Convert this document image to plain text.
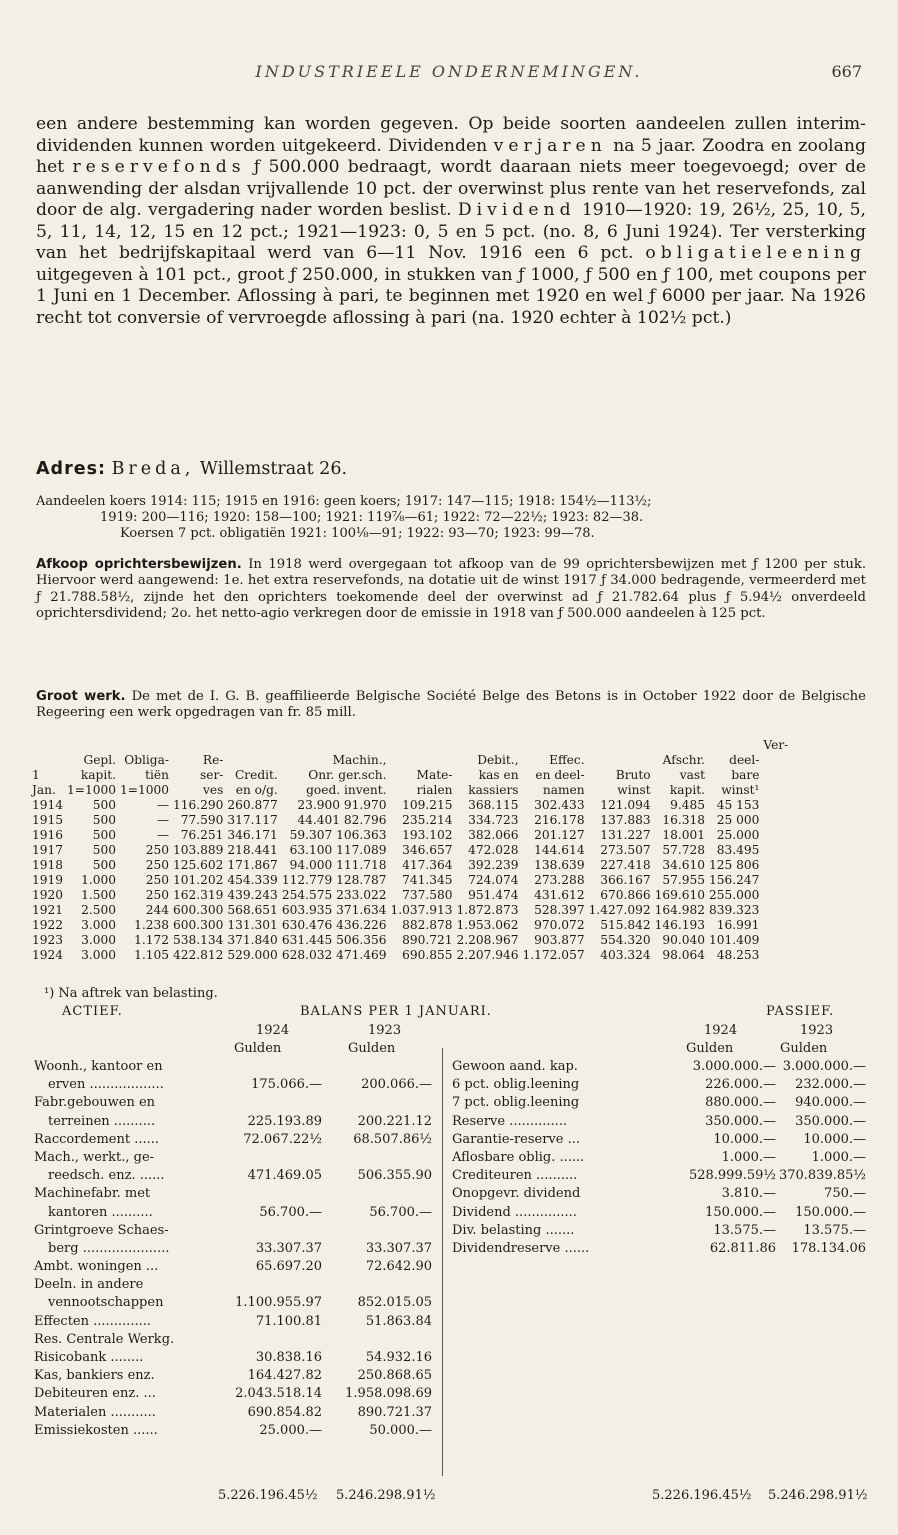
INDUSTRIEELE ONDERNEMINGEN.	667

een andere bestemming kan worden gegeven. Op beide soorten aandeelen zullen interim-dividenden kunnen worden uitgekeerd. Dividenden verjaren na 5 jaar. Zoodra en zoolang het reservefonds ƒ 500.000 bedraagt, wordt daaraan niets meer toegevoegd; over de aanwending der alsdan vrijvallende 10 pct. der overwinst plus rente van het reservefonds, zal door de alg. vergadering nader worden beslist. Dividend 1910—1920: 19, 26½, 25, 10, 5, 5, 11, 14, 12, 15 en 12 pct.; 1921—1923: 0, 5 en 5 pct. (no. 8, 6 Juni 1924). Ter versterking van het bedrijfskapitaal werd van 6—11 Nov. 1916 een 6 pct. obligatieleening uitgegeven à 101 pct., groot ƒ 250.000, in stukken van ƒ 1000, ƒ 500 en ƒ 100, met coupons per 1 Juni en 1 December. Aflossing à pari, te beginnen met 1920 en wel ƒ 6000 per jaar. Na 1926 recht tot conversie of vervroegde aflossing à pari (na. 1920 echter à 102½ pct.)

Adres: Breda, Willemstraat 26.
Aandeelen koers 1914: 115; 1915 en 1916: geen koers; 1917: 147—115; 1918: 154½—113½;
1919: 200—116; 1920: 158—100; 1921: 119⅞—61; 1922: 72—22½; 1923: 82—38.
Koersen 7 pct. obligatiën 1921: 100⅛—91; 1922: 93—70; 1923: 99—78.

Afkoop oprichtersbewijzen. In 1918 werd overgegaan tot afkoop van de 99 oprichtersbewijzen met ƒ 1200 per stuk. Hiervoor werd aangewend: 1e. het extra reservefonds, na dotatie uit de winst 1917 ƒ 34.000 bedragende, vermeerderd met ƒ 21.788.58½, zijnde het den oprichters toekomende deel der overwinst ad ƒ 21.782.64 plus ƒ 5.94½ onverdeeld oprichtersdividend; 2o. het netto-agio verkregen door de emissie in 1918 van ƒ 500.000 aandeelen à 125 pct.

Groot werk. De met de I. G. B. geaffilieerde Belgische Société Belge des Betons is in October 1922 door de Belgische Regeering een werk opgedragen van fr. 85 mill.

												Ver-
	Gepl.	Obliga-	Re-		Machin.,		Debit.,	Effec.		Afschr.	deel-	
1	kapit.	tiën	ser-	Credit.	Onr. ger.sch.	Mate-	kas en	en deel-	Bruto	vast	bare	
Jan.	1=1000	1=1000	ves	en o/g.	goed. invent.	rialen	kassiers	namen	winst	kapit.	winst¹	
1914	500	—	116.290	260.877	23.900 91.970	109.215	368.115	302.433	121.094	9.485	45 153	
1915	500	—	77.590	317.117	44.401 82.796	235.214	334.723	216.178	137.883	16.318	25 000	
1916	500	—	76.251	346.171	59.307 106.363	193.102	382.066	201.127	131.227	18.001	25.000	
1917	500	250	103.889	218.441	63.100 117.089	346.657	472.028	144.614	273.507	57.728	83.495	
1918	500	250	125.602	171.867	94.000 111.718	417.364	392.239	138.639	227.418	34.610	125 806	
1919	1.000	250	101.202	454.339	112.779 128.787	741.345	724.074	273.288	366.167	57.955	156.247	
1920	1.500	250	162.319	439.243	254.575 233.022	737.580	951.474	431.612	670.866	169.610	255.000	
1921	2.500	244	600.300	568.651	603.935 371.634	1.037.913	1.872.873	528.397	1.427.092	164.982	839.323	
1922	3.000	1.238	600.300	131.301	630.476 436.226	882.878	1.953.062	970.072	515.842	146.193	16.991	
1923	3.000	1.172	538.134	371.840	631.445 506.356	890.721	2.208.967	903.877	554.320	90.040	101.409	
1924	3.000	1.105	422.812	529.000	628.032 471.469	690.855	2.207.946	1.172.057	403.324	98.064	48.253	
¹) Na aftrek van belasting.
ACTIEF.	BALANS PER 1 JANUARI.	PASSIEF.
1924	1923
Gulden	Gulden
1924	1923
Gulden	Gulden
Woonh., kantoor en
erven ..................	175.066.—	200.066.—
Fabr.gebouwen en
terreinen ..........	225.193.89	200.221.12
Raccordement ......	72.067.22½ 68.507.86½
Mach., werkt., ge-
reedsch. enz. ......	471.469.05	506.355.90
Machinefabr. met
kantoren ..........	56.700.—	56.700.—
Grintgroeve Schaes-
berg .....................	33.307.37	33.307.37
Ambt. woningen ...	65.697.20	72.642.90
Deeln. in andere
vennootschappen	1.100.955.97	852.015.05
Effecten ..............	71.100.81	51.863.84
Res. Centrale Werkg.
Risicobank ........	30.838.16	54.932.16
Kas, bankiers enz.	164.427.82	250.868.65
Debiteuren enz. ...	2.043.518.14 1.958.098.69
Materialen ...........	690.854.82	890.721.37
Emissiekosten ......	25.000.—	50.000.—
Gewoon aand. kap.	3.000.000.— 3.000.000.—
6 pct. oblig.leening	226.000.— 232.000.—
7 pct. oblig.leening	880.000.— 940.000.—
Reserve ..............	350.000.— 350.000.—
Garantie-reserve ...	10.000.— 10.000.—
Aflosbare oblig. ......	1.000.—	1.000.—
Crediteuren ..........	528.999.59½ 370.839.85½
Onopgevr. dividend	3.810.—	750.—
Dividend ...............	150.000.— 150.000.—
Div. belasting .......	13.575.— 13.575.—
Dividendreserve ......	62.811.86 178.134.06
5.226.196.45½ 5.246.298.91½	5.226.196.45½ 5.246.298.91½
